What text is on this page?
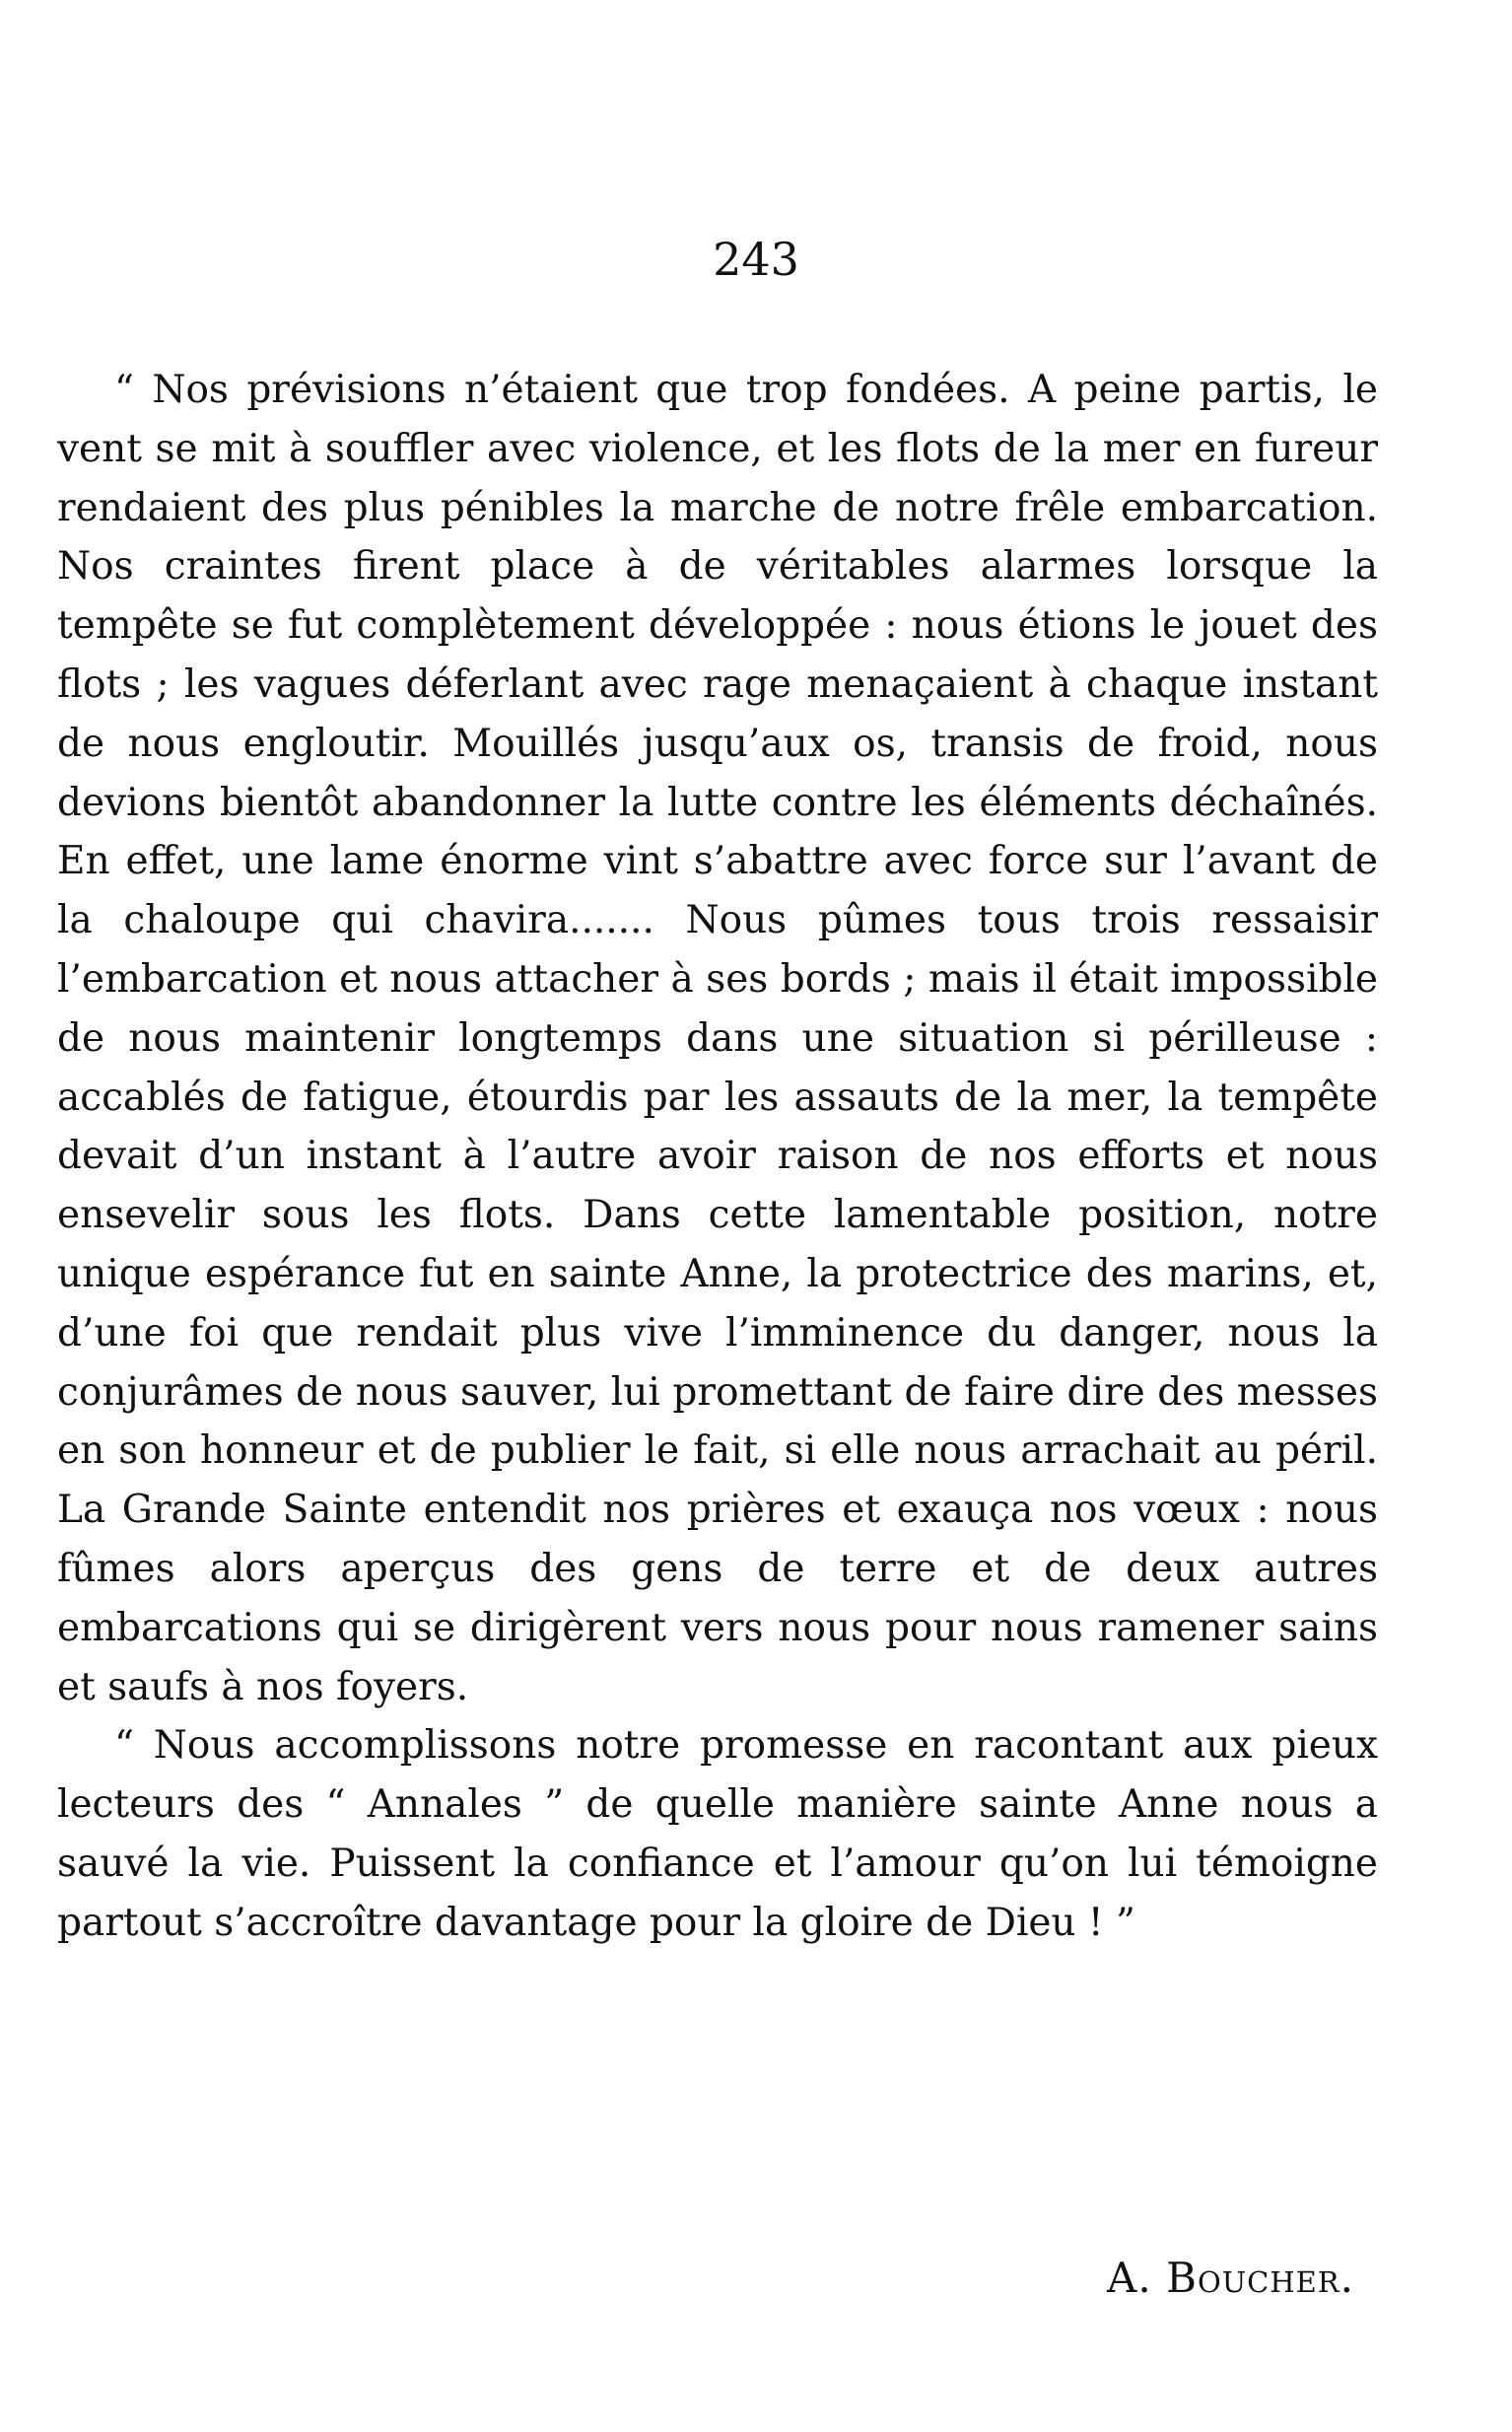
243

“ Nos prévisions n’étaient que trop fondées. A peine partis, le vent se mit à souffler avec violence, et les flots de la mer en fureur rendaient des plus pénibles la marche de notre frêle embarcation. Nos craintes firent place à de véritables alarmes lorsque la tempête se fut complètement développée : nous étions le jouet des flots ; les vagues déferlant avec rage menaçaient à chaque instant de nous engloutir. Mouillés jusqu’aux os, transis de froid, nous devions bientôt abandonner la lutte contre les éléments déchaînés. En effet, une lame énorme vint s’abattre avec force sur l’avant de la chaloupe qui chavira....... Nous pûmes tous trois ressaisir l’embarcation et nous attacher à ses bords ; mais il était impossible de nous maintenir longtemps dans une situation si périlleuse : accablés de fatigue, étourdis par les assauts de la mer, la tempête devait d’un instant à l’autre avoir raison de nos efforts et nous ensevelir sous les flots. Dans cette lamentable position, notre unique espérance fut en sainte Anne, la protectrice des marins, et, d’une foi que rendait plus vive l’imminence du danger, nous la conjurâmes de nous sauver, lui promettant de faire dire des messes en son honneur et de publier le fait, si elle nous arrachait au péril. La Grande Sainte entendit nos prières et exauça nos vœux : nous fûmes alors aperçus des gens de terre et de deux autres embarcations qui se dirigèrent vers nous pour nous ramener sains et saufs à nos foyers.

“ Nous accomplissons notre promesse en racontant aux pieux lecteurs des “ Annales ” de quelle manière sainte Anne nous a sauvé la vie. Puissent la confiance et l’amour qu’on lui témoigne partout s’accroître davantage pour la gloire de Dieu ! ”

A. Boucher.
